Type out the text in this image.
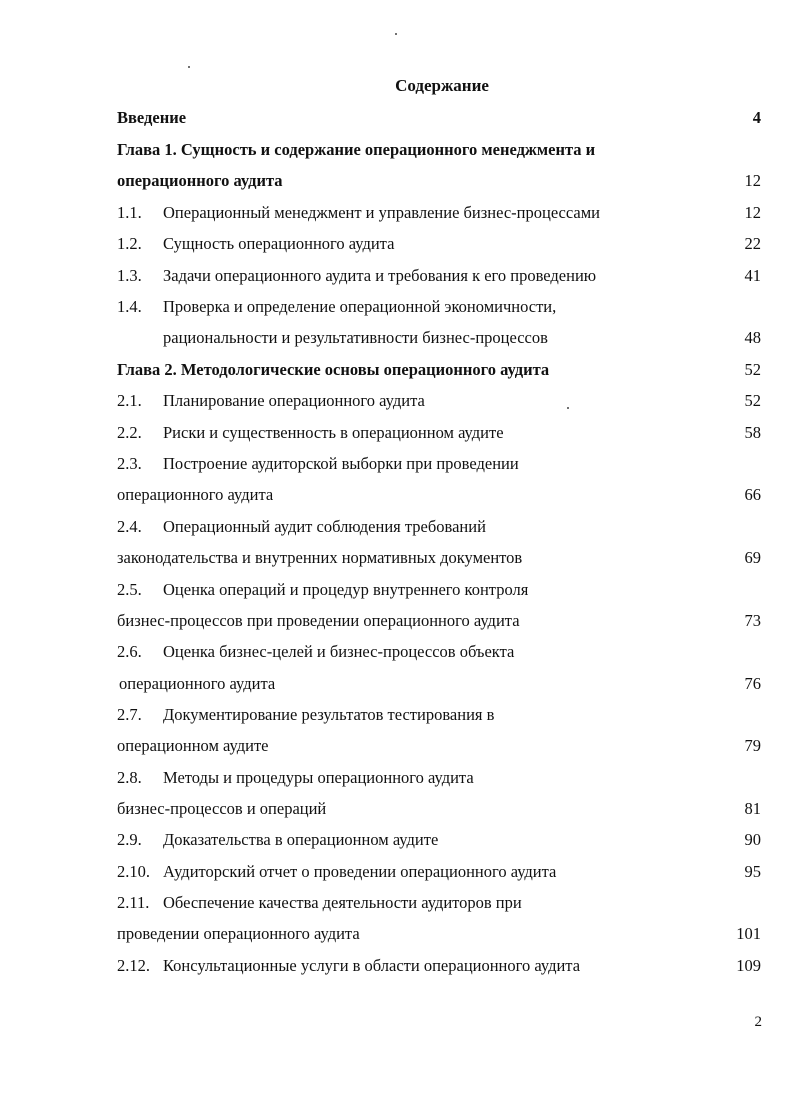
Содержание
Введение	4
Глава 1. Сущность и содержание операционного менеджмента и
операционного аудита	12
1.1. Операционный менеджмент и управление бизнес-процессами	12
1.2. Сущность операционного аудита	22
1.3. Задачи операционного аудита и требования к его проведению	41
1.4. Проверка и определение операционной экономичности,
рациональности и результативности бизнес-процессов	48
Глава 2. Методологические основы операционного аудита	52
2.1. Планирование операционного аудита	52
2.2. Риски и существенность в операционном аудите	58
2.3. Построение аудиторской выборки при проведении
операционного аудита	66
2.4. Операционный аудит соблюдения требований
законодательства и внутренних нормативных документов	69
2.5. Оценка операций и процедур внутреннего контроля
бизнес-процессов при проведении операционного аудита	73
2.6. Оценка бизнес-целей и бизнес-процессов объекта
операционного аудита	76
2.7. Документирование результатов тестирования в
операционном аудите	79
2.8. Методы и процедуры операционного аудита
бизнес-процессов и операций	81
2.9. Доказательства в операционном аудите	90
2.10. Аудиторский отчет о проведении операционного аудита	95
2.11. Обеспечение качества деятельности аудиторов при
проведении операционного аудита	101
2.12. Консультационные услуги в области операционного аудита	109
2
